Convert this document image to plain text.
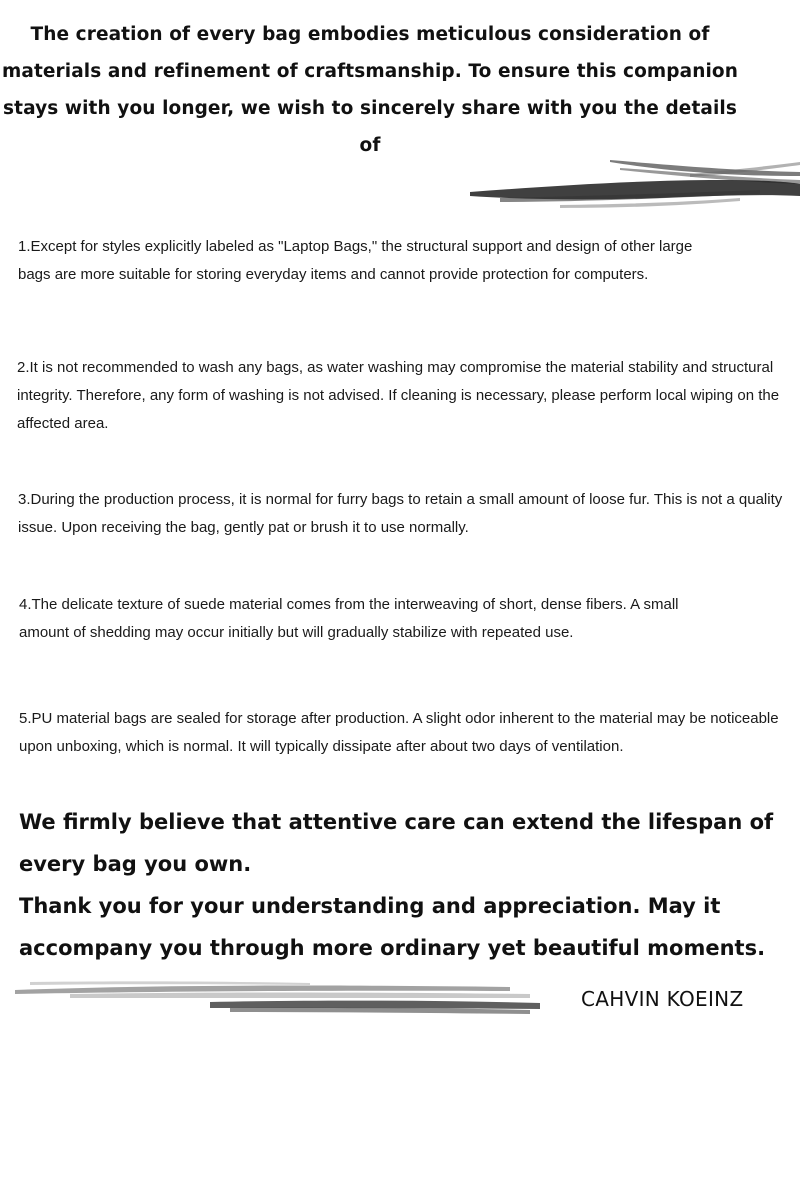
The creation of every bag embodies meticulous consideration of materials and refinement of craftsmanship. To ensure this companion stays with you longer, we wish to sincerely share with you the details of

1.Except for styles explicitly labeled as "Laptop Bags," the structural support and design of other large bags are more suitable for storing everyday items and cannot provide protection for computers.

2.It is not recommended to wash any bags, as water washing may compromise the material stability and structural integrity. Therefore, any form of washing is not advised. If cleaning is necessary, please perform local wiping on the affected area.

3.During the production process, it is normal for furry bags to retain a small amount of loose fur. This is not a quality issue. Upon receiving the bag, gently pat or brush it to use normally.

4.The delicate texture of suede material comes from the interweaving of short, dense fibers. A small amount of shedding may occur initially but will gradually stabilize with repeated use.

5.PU material bags are sealed for storage after production. A slight odor inherent to the material may be noticeable upon unboxing, which is normal. It will typically dissipate after about two days of ventilation.

We firmly believe that attentive care can extend the lifespan of every bag you own.
Thank you for your understanding and appreciation. May it accompany you through more ordinary yet beautiful moments.

CAHVIN KOEINZ
